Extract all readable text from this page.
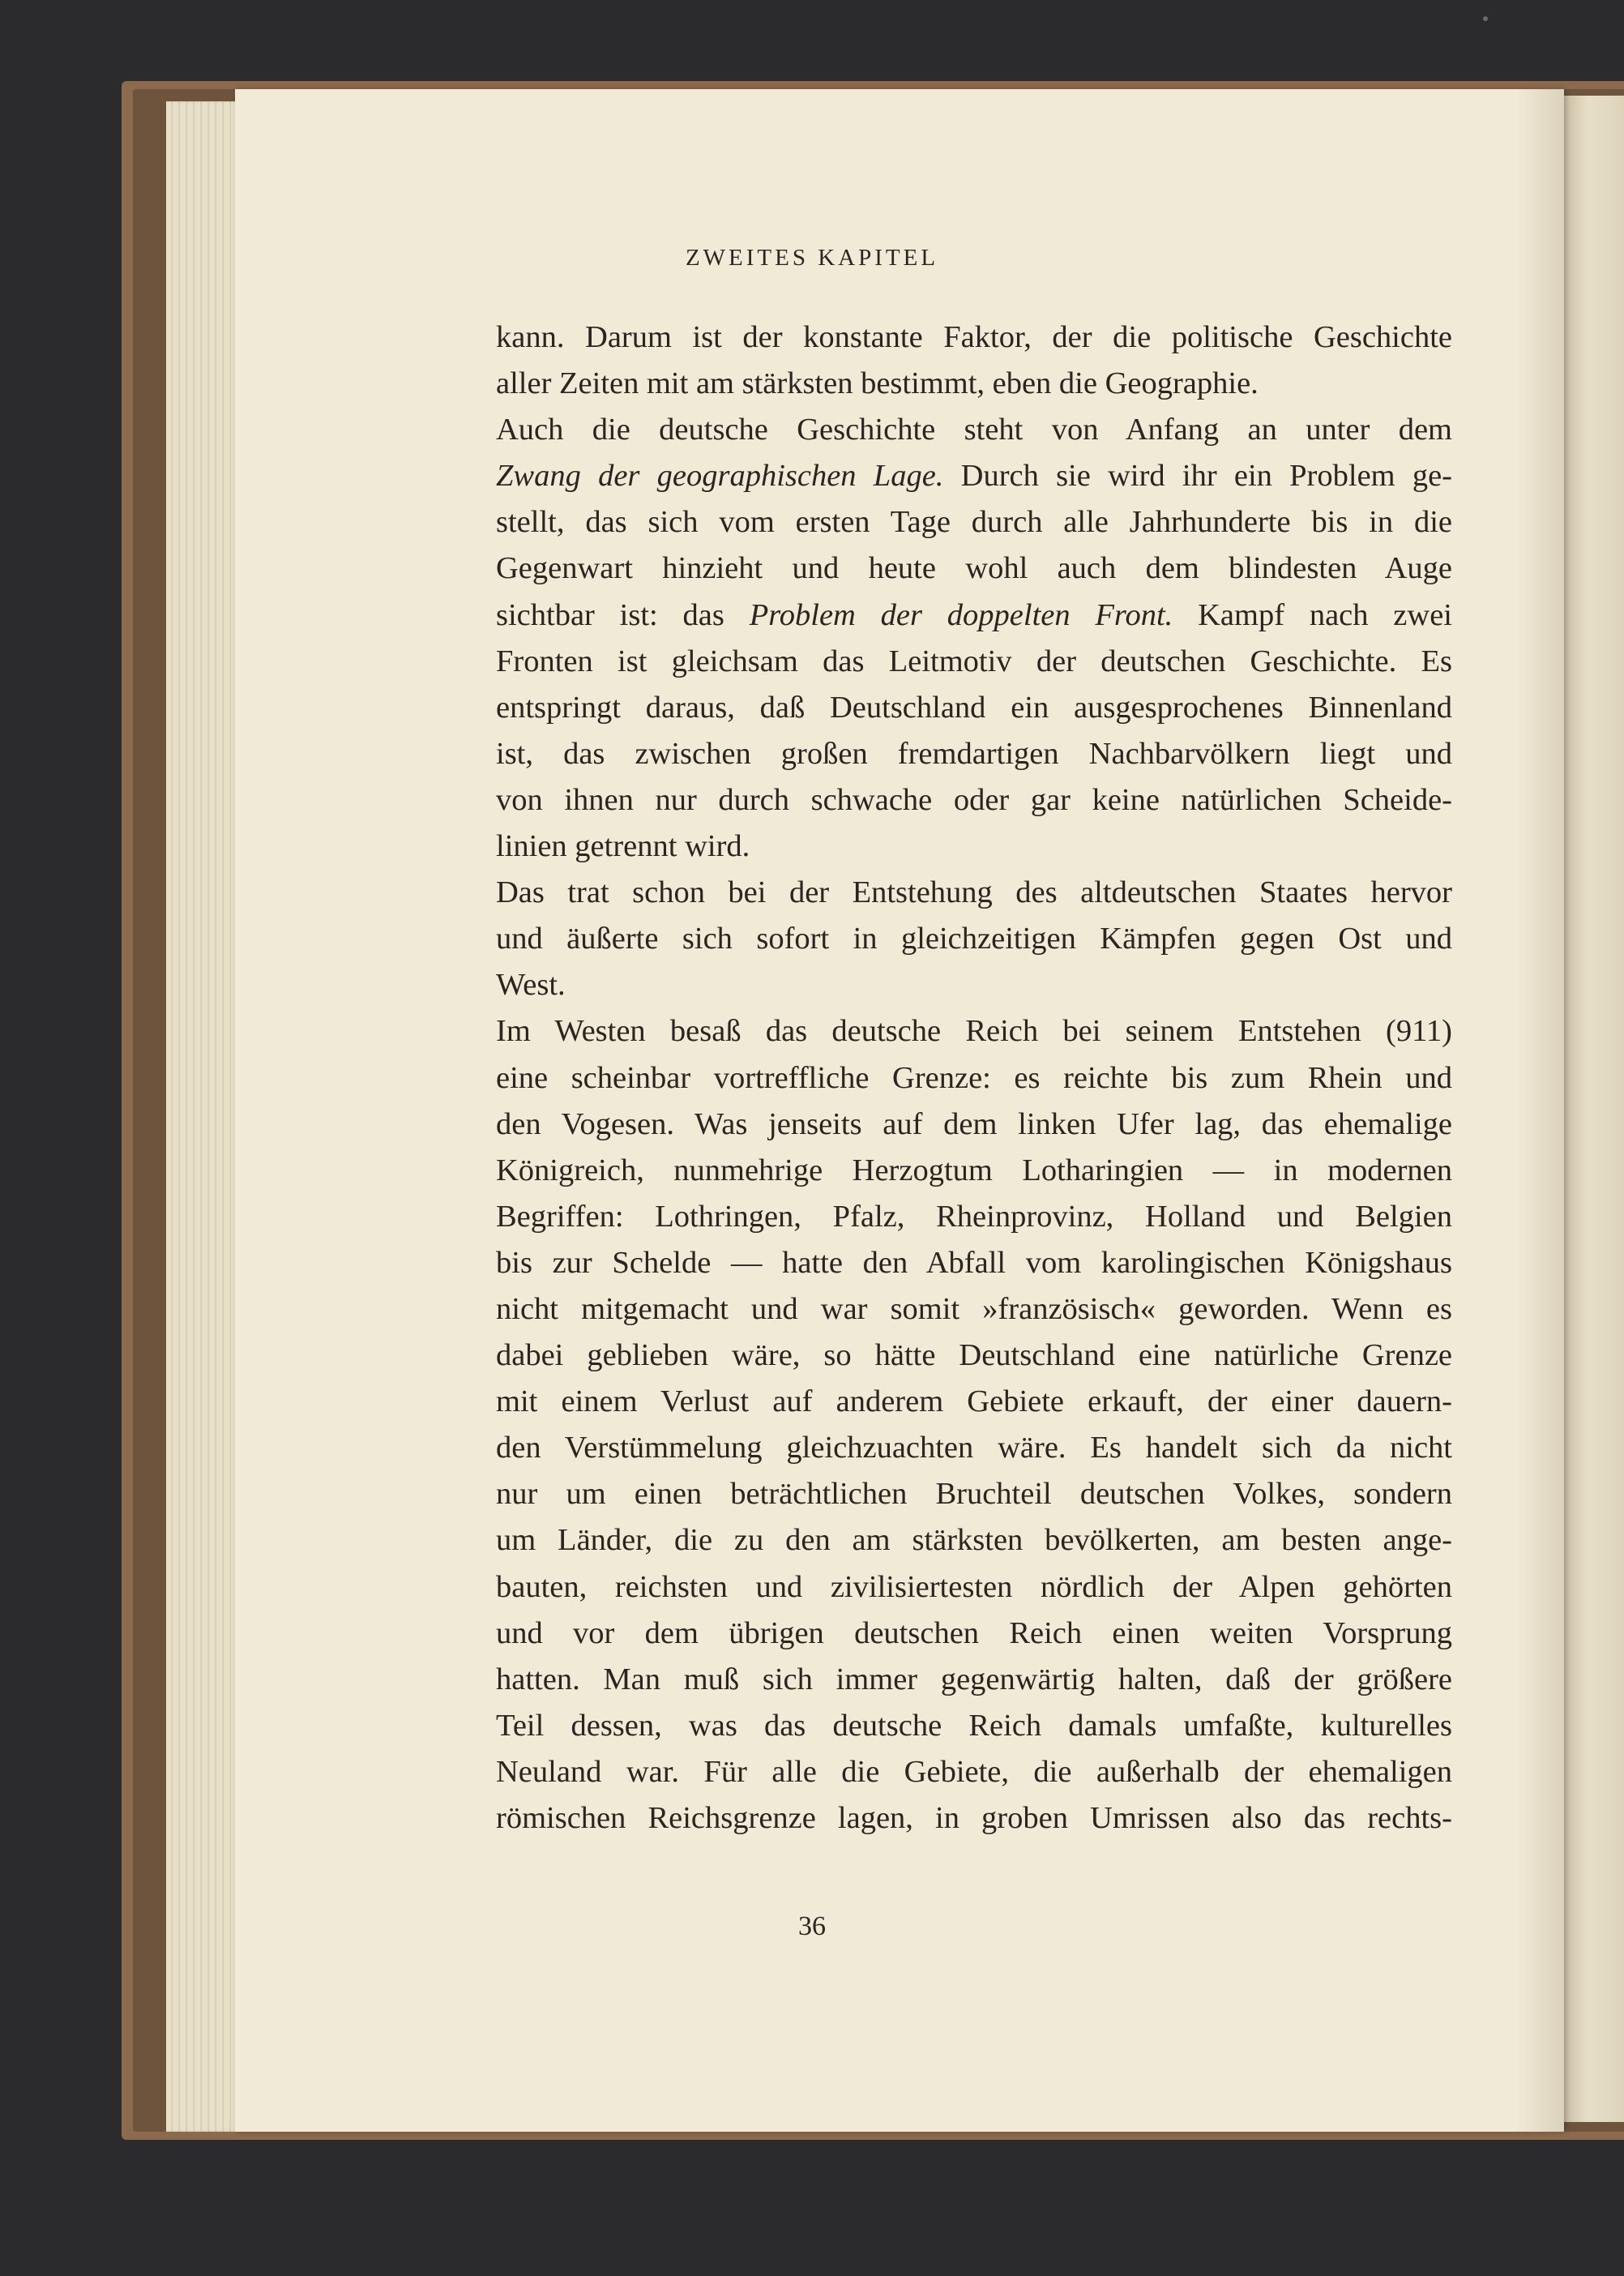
ZWEITES KAPITEL
kann. Darum ist der konstante Faktor, der die politische Geschichte
aller Zeiten mit am stärksten bestimmt, eben die Geographie.
Auch die deutsche Geschichte steht von Anfang an unter dem
Zwang der geographischen Lage. Durch sie wird ihr ein Problem ge-
stellt, das sich vom ersten Tage durch alle Jahrhunderte bis in die
Gegenwart hinzieht und heute wohl auch dem blindesten Auge
sichtbar ist: das Problem der doppelten Front. Kampf nach zwei
Fronten ist gleichsam das Leitmotiv der deutschen Geschichte. Es
entspringt daraus, daß Deutschland ein ausgesprochenes Binnenland
ist, das zwischen großen fremdartigen Nachbarvölkern liegt und
von ihnen nur durch schwache oder gar keine natürlichen Scheide-
linien getrennt wird.
Das trat schon bei der Entstehung des altdeutschen Staates hervor
und äußerte sich sofort in gleichzeitigen Kämpfen gegen Ost und
West.
Im Westen besaß das deutsche Reich bei seinem Entstehen (911)
eine scheinbar vortreffliche Grenze: es reichte bis zum Rhein und
den Vogesen. Was jenseits auf dem linken Ufer lag, das ehemalige
Königreich, nunmehrige Herzogtum Lotharingien — in modernen
Begriffen: Lothringen, Pfalz, Rheinprovinz, Holland und Belgien
bis zur Schelde — hatte den Abfall vom karolingischen Königshaus
nicht mitgemacht und war somit »französisch« geworden. Wenn es
dabei geblieben wäre, so hätte Deutschland eine natürliche Grenze
mit einem Verlust auf anderem Gebiete erkauft, der einer dauern-
den Verstümmelung gleichzuachten wäre. Es handelt sich da nicht
nur um einen beträchtlichen Bruchteil deutschen Volkes, sondern
um Länder, die zu den am stärksten bevölkerten, am besten ange-
bauten, reichsten und zivilisiertesten nördlich der Alpen gehörten
und vor dem übrigen deutschen Reich einen weiten Vorsprung
hatten. Man muß sich immer gegenwärtig halten, daß der größere
Teil dessen, was das deutsche Reich damals umfaßte, kulturelles
Neuland war. Für alle die Gebiete, die außerhalb der ehemaligen
römischen Reichsgrenze lagen, in groben Umrissen also das rechts-
36
